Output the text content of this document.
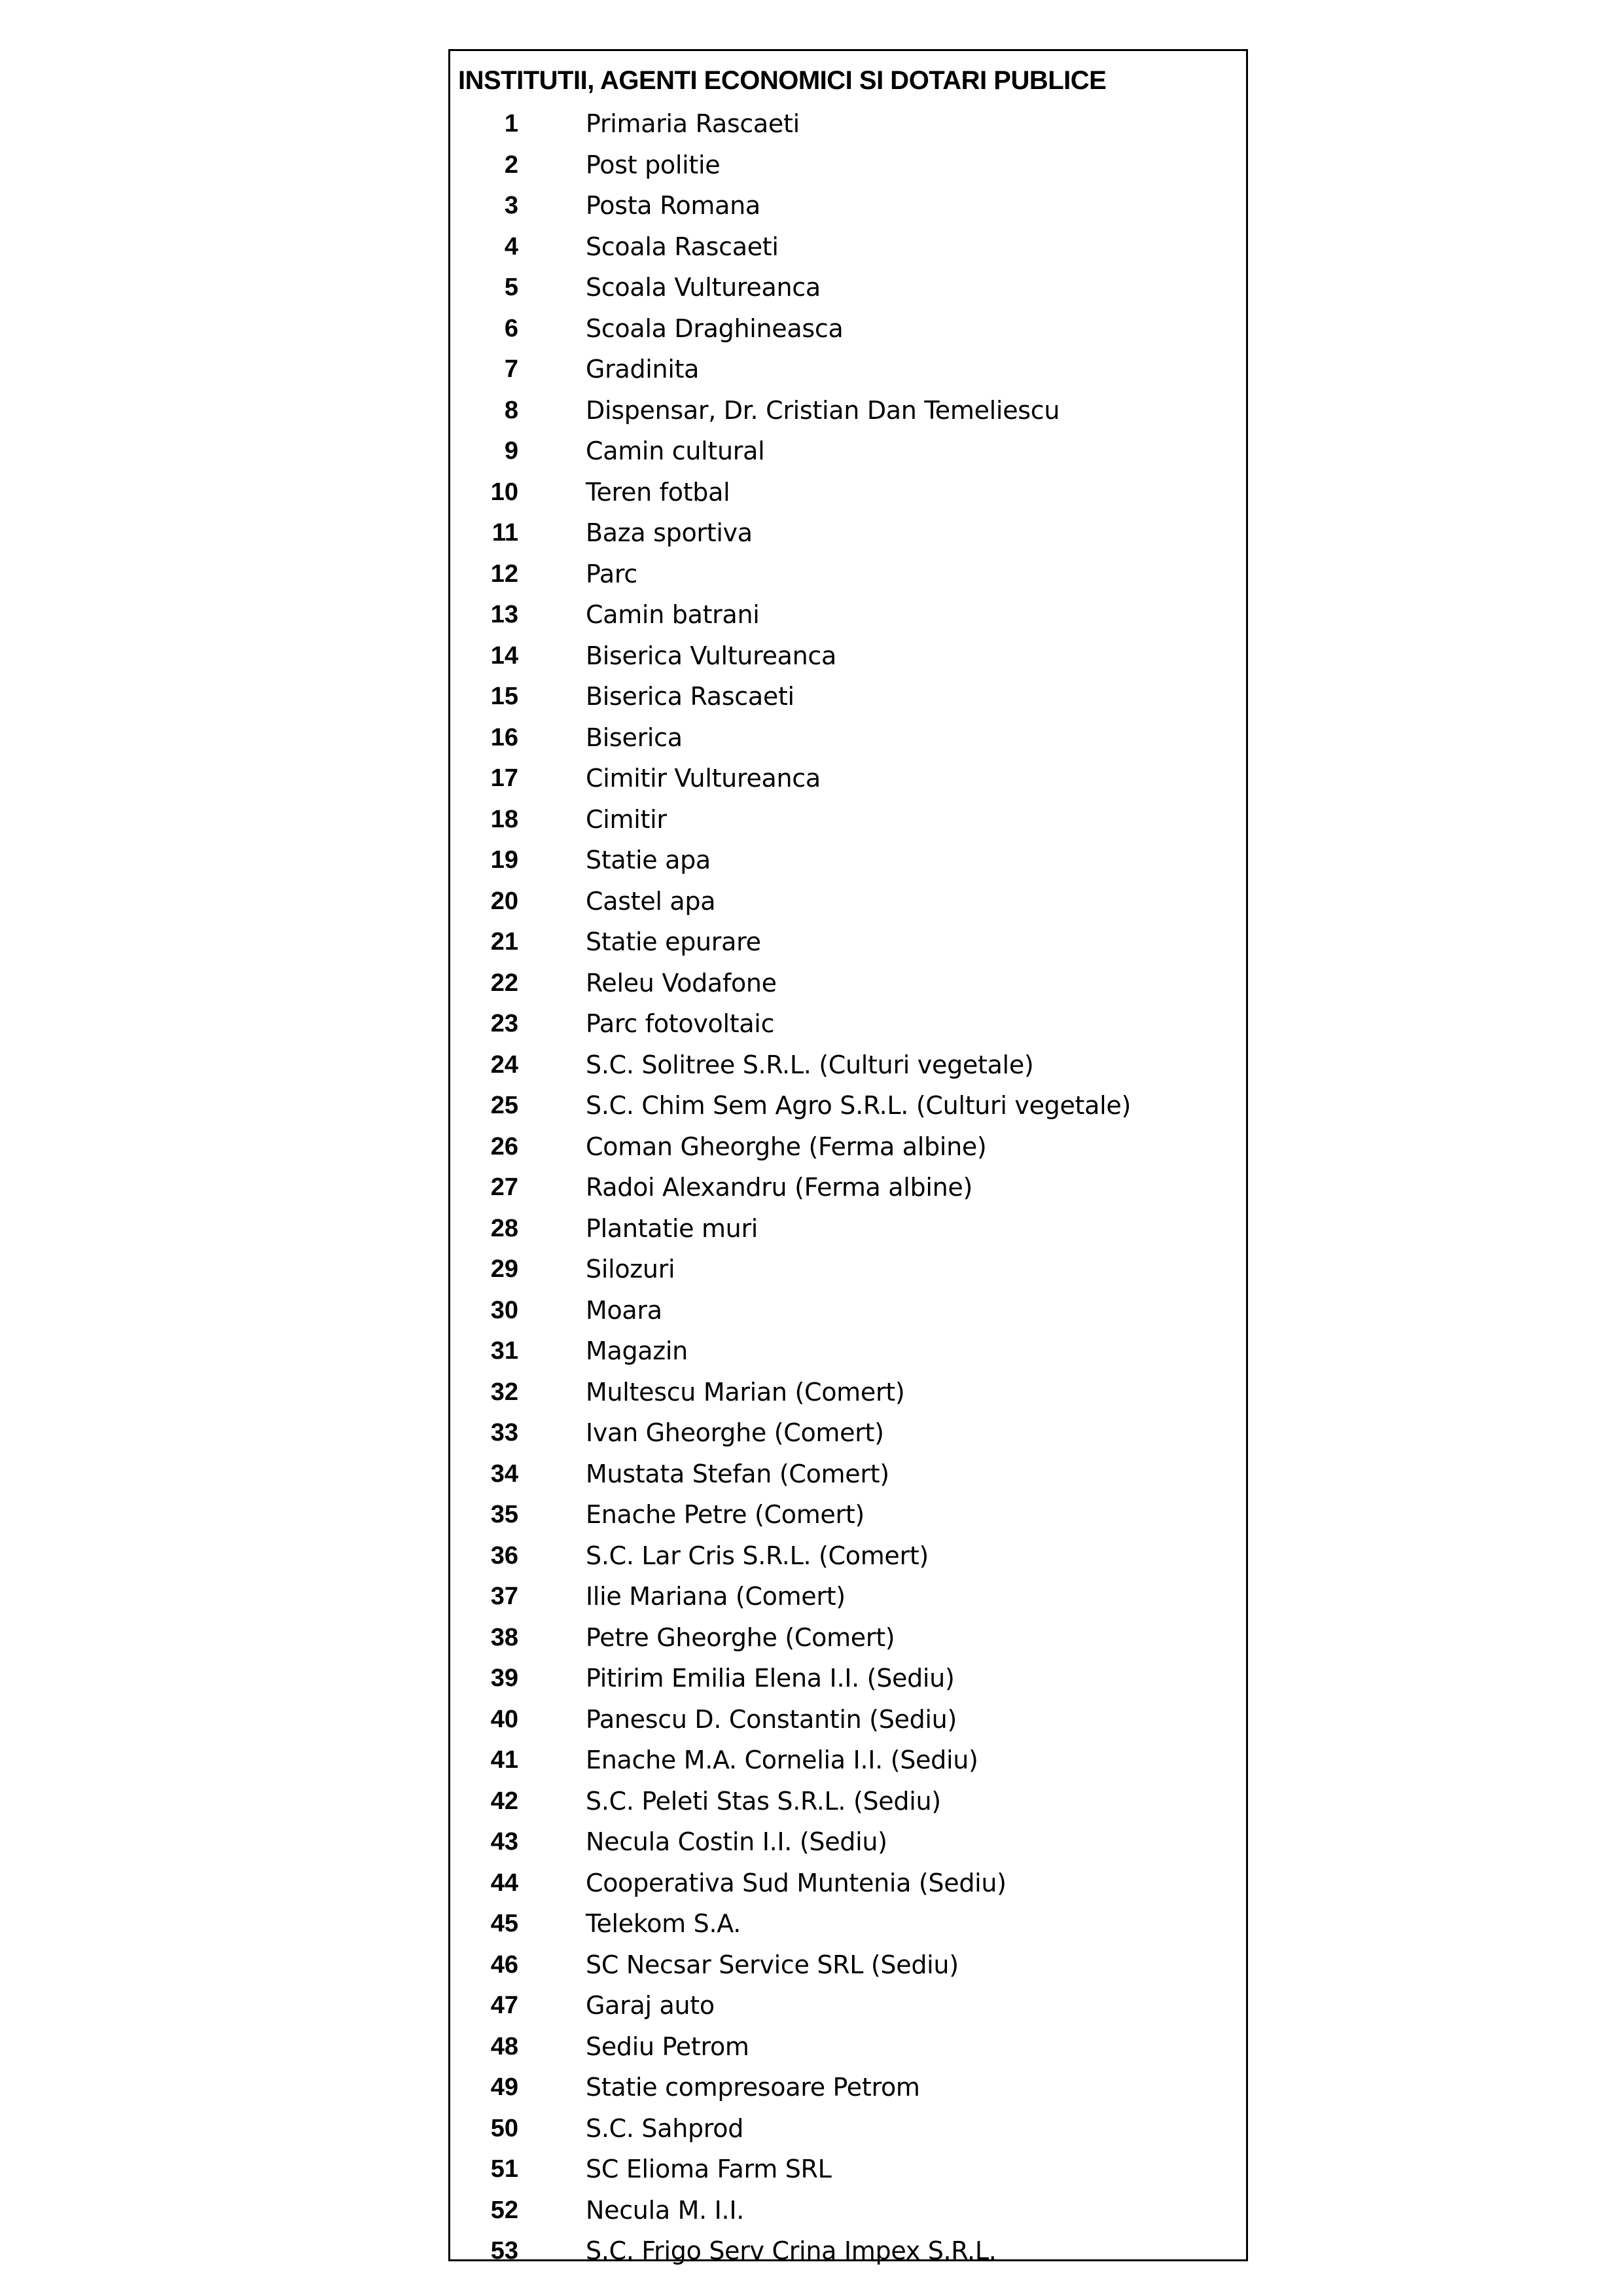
INSTITUTII, AGENTI ECONOMICI SI DOTARI PUBLICE
1	Primaria Rascaeti
2	Post politie
3	Posta Romana
4	Scoala Rascaeti
5	Scoala Vultureanca
6	Scoala Draghineasca
7	Gradinita
8	Dispensar, Dr. Cristian Dan Temeliescu
9	Camin cultural
10	Teren fotbal
11	Baza sportiva
12	Parc
13	Camin batrani
14	Biserica Vultureanca
15	Biserica Rascaeti
16	Biserica
17	Cimitir Vultureanca
18	Cimitir
19	Statie apa
20	Castel apa
21	Statie epurare
22	Releu Vodafone
23	Parc fotovoltaic
24	S.C. Solitree S.R.L. (Culturi vegetale)
25	S.C. Chim Sem Agro S.R.L. (Culturi vegetale)
26	Coman Gheorghe (Ferma albine)
27	Radoi Alexandru (Ferma albine)
28	Plantatie muri
29	Silozuri
30	Moara
31	Magazin
32	Multescu Marian (Comert)
33	Ivan Gheorghe (Comert)
34	Mustata Stefan (Comert)
35	Enache Petre (Comert)
36	S.C. Lar Cris S.R.L. (Comert)
37	Ilie Mariana (Comert)
38	Petre Gheorghe (Comert)
39	Pitirim Emilia Elena I.I. (Sediu)
40	Panescu D. Constantin (Sediu)
41	Enache M.A. Cornelia I.I. (Sediu)
42	S.C. Peleti Stas S.R.L. (Sediu)
43	Necula Costin I.I. (Sediu)
44	Cooperativa Sud Muntenia (Sediu)
45	Telekom S.A.
46	SC Necsar Service SRL (Sediu)
47	Garaj auto
48	Sediu Petrom
49	Statie compresoare Petrom
50	S.C. Sahprod
51	SC Elioma Farm SRL
52	Necula M. I.I.
53	S.C. Frigo Serv Crina Impex S.R.L.
